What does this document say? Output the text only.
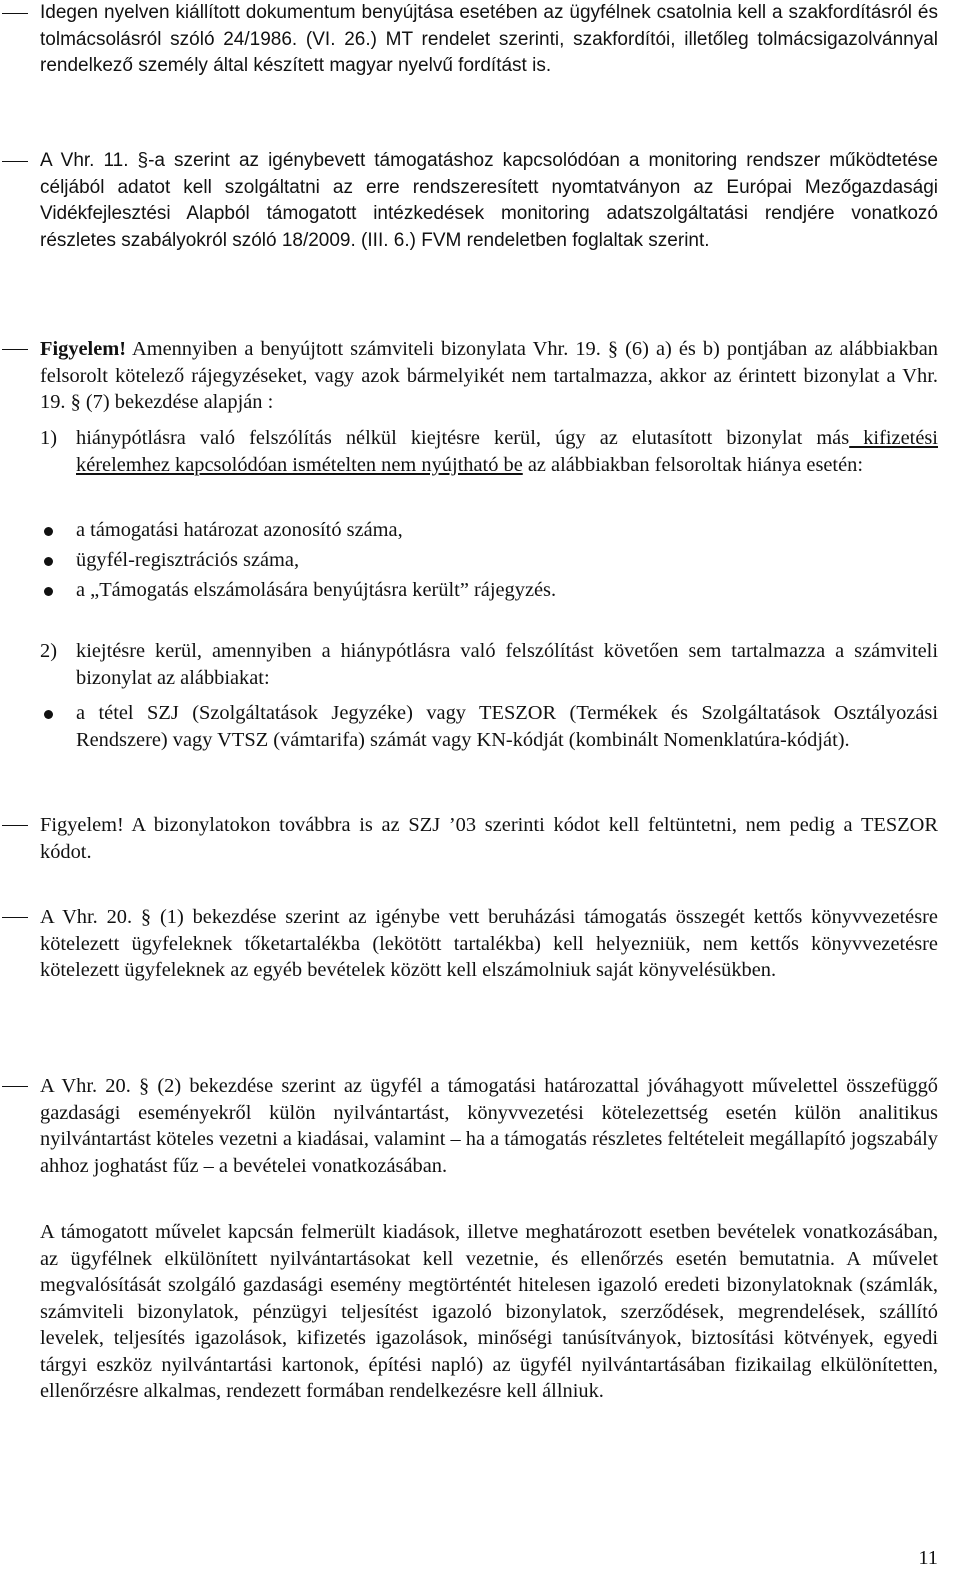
Idegen nyelven kiállított dokumentum benyújtása esetében az ügyfélnek csatolnia kell a szakfordításról és tolmácsolásról szóló 24/1986. (VI. 26.) MT rendelet szerinti, szakfordítói, illetőleg tolmácsigazolvánnyal rendelkező személy által készített magyar nyelvű fordítást is.
A Vhr. 11. §-a szerint az igénybevett támogatáshoz kapcsolódóan a monitoring rendszer működtetése céljából adatot kell szolgáltatni az erre rendszeresített nyomtatványon az Európai Mezőgazdasági Vidékfejlesztési Alapból támogatott intézkedések monitoring adatszolgáltatási rendjére vonatkozó részletes szabályokról szóló 18/2009. (III. 6.) FVM rendeletben foglaltak szerint.
Figyelem! Amennyiben a benyújtott számviteli bizonylata Vhr. 19. § (6) a) és b) pontjában az alábbiakban felsorolt kötelező rájegyzéseket, vagy azok bármelyikét nem tartalmazza, akkor az érintett bizonylat a Vhr. 19. § (7) bekezdése alapján :
1) hiánypótlásra való felszólítás nélkül kiejtésre kerül, úgy az elutasított bizonylat más kifizetési kérelemhez kapcsolódóan ismételten nem nyújtható be az alábbiakban felsoroltak hiánya esetén:
a támogatási határozat azonosító száma,
ügyfél-regisztrációs száma,
a „Támogatás elszámolására benyújtásra került” rájegyzés.
2) kiejtésre kerül, amennyiben a hiánypótlásra való felszólítást követően sem tartalmazza a számviteli bizonylat az alábbiakat:
a tétel SZJ (Szolgáltatások Jegyzéke) vagy TESZOR (Termékek és Szolgáltatások Osztályozási Rendszere) vagy VTSZ (vámtarifa) számát vagy KN-kódját (kombinált Nomenklatúra-kódját).
Figyelem! A bizonylatokon továbbra is az SZJ ’03 szerinti kódot kell feltüntetni, nem pedig a TESZOR kódot.
A Vhr. 20. § (1) bekezdése szerint az igénybe vett beruházási támogatás összegét kettős könyvvezetésre kötelezett ügyfeleknek tőketartalékba (lekötött tartalékba) kell helyezniük, nem kettős könyvvezetésre kötelezett ügyfeleknek az egyéb bevételek között kell elszámolniuk saját könyvelésükben.
A Vhr. 20. § (2) bekezdése szerint az ügyfél a támogatási határozattal jóváhagyott művelettel összefüggő gazdasági eseményekről külön nyilvántartást, könyvvezetési kötelezettség esetén külön analitikus nyilvántartást köteles vezetni a kiadásai, valamint – ha a támogatás részletes feltételeit megállapító jogszabály ahhoz joghatást fűz – a bevételei vonatkozásában.
A támogatott művelet kapcsán felmerült kiadások, illetve meghatározott esetben bevételek vonatkozásában, az ügyfélnek elkülönített nyilvántartásokat kell vezetnie, és ellenőrzés esetén bemutatnia. A művelet megvalósítását szolgáló gazdasági esemény megtörténtét hitelesen igazoló eredeti bizonylatoknak (számlák, számviteli bizonylatok, pénzügyi teljesítést igazoló bizonylatok, szerződések, megrendelések, szállító levelek, teljesítés igazolások, kifizetés igazolások, minőségi tanúsítványok, biztosítási kötvények, egyedi tárgyi eszköz nyilvántartási kartonok, építési napló) az ügyfél nyilvántartásában fizikailag elkülönítetten, ellenőrzésre alkalmas, rendezett formában rendelkezésre kell állniuk.
11
